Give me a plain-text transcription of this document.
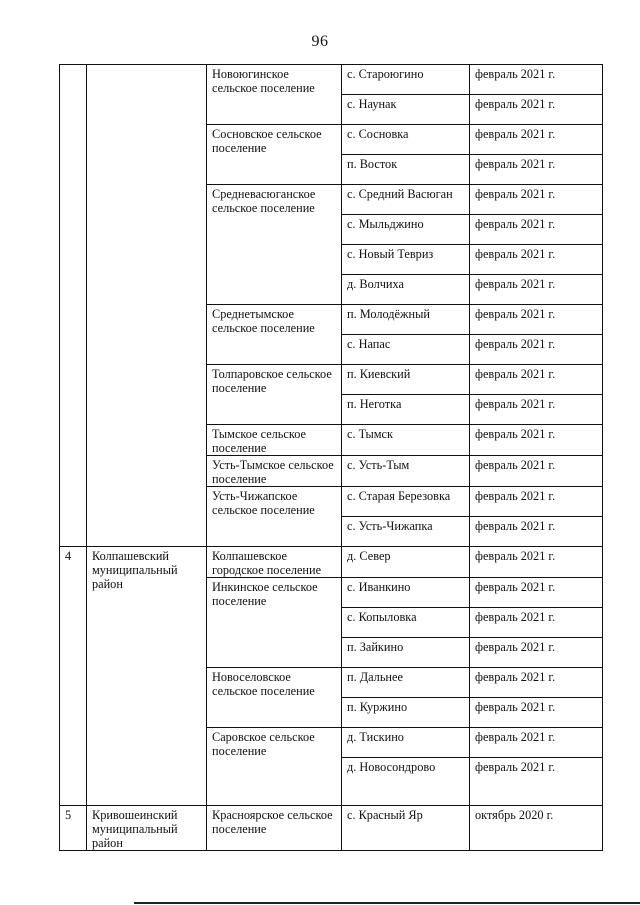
96
		Новоюгинское сельское поселение	с. Староюгино	февраль 2021 г.
			с. Наунак	февраль 2021 г.
		Сосновское сельское поселение	с. Сосновка	февраль 2021 г.
			п. Восток	февраль 2021 г.
		Средневасюганское сельское поселение	с. Средний Васюган	февраль 2021 г.
			с. Мыльджино	февраль 2021 г.
			с. Новый Тевриз	февраль 2021 г.
			д. Волчиха	февраль 2021 г.
		Среднетымское сельское поселение	п. Молодёжный	февраль 2021 г.
			с. Напас	февраль 2021 г.
		Толпаровское сельское поселение	п. Киевский	февраль 2021 г.
			п. Неготка	февраль 2021 г.
		Тымское сельское поселение	с. Тымск	февраль 2021 г.
		Усть-Тымское сельское поселение	с. Усть-Тым	февраль 2021 г.
		Усть-Чижапское сельское поселение	с. Старая Березовка	февраль 2021 г.
			с. Усть-Чижапка	февраль 2021 г.
4	Колпашевский муниципальный район	Колпашевское городское поселение	д. Север	февраль 2021 г.
		Инкинское сельское поселение	с. Иванкино	февраль 2021 г.
			с. Копыловка	февраль 2021 г.
			п. Зайкино	февраль 2021 г.
		Новоселовское сельское поселение	п. Дальнее	февраль 2021 г.
			п. Куржино	февраль 2021 г.
		Саровское сельское поселение	д. Тискино	февраль 2021 г.
			д. Новосондрово	февраль 2021 г.
5	Кривошеинский муниципальный район	Красноярское сельское поселение	с. Красный Яр	октябрь 2020 г.
